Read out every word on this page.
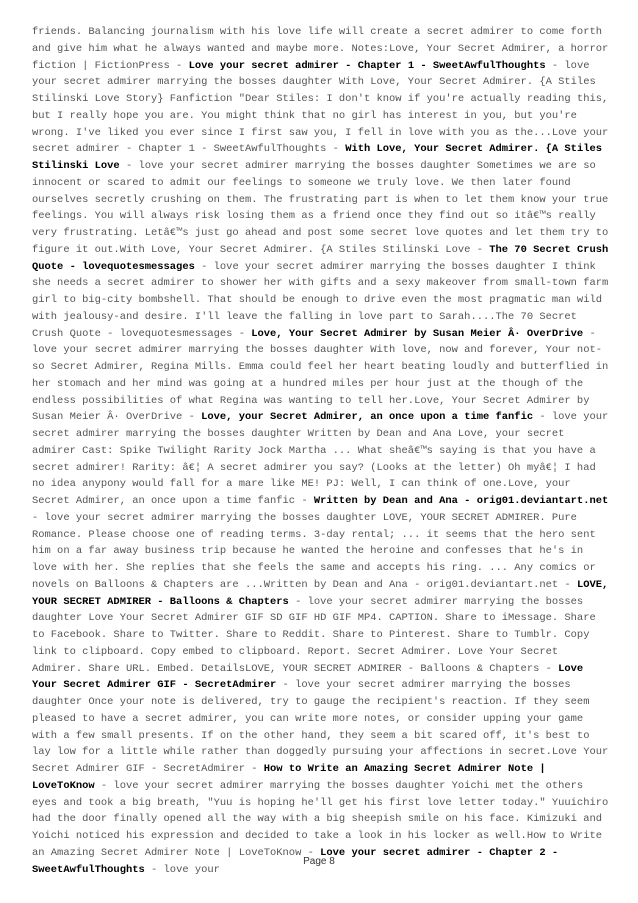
friends. Balancing journalism with his love life will create a secret admirer to come forth and give him what he always wanted and maybe more. Notes:Love, Your Secret Admirer, a horror fiction | FictionPress - Love your secret admirer - Chapter 1 - SweetAwfulThoughts - love your secret admirer marrying the bosses daughter With Love, Your Secret Admirer. {A Stiles Stilinski Love Story} Fanfiction "Dear Stiles: I don't know if you're actually reading this, but I really hope you are. You might think that no girl has interest in you, but you're wrong. I've liked you ever since I first saw you, I fell in love with you as the...Love your secret admirer - Chapter 1 - SweetAwfulThoughts - With Love, Your Secret Admirer. {A Stiles Stilinski Love - love your secret admirer marrying the bosses daughter Sometimes we are so innocent or scared to admit our feelings to someone we truly love. We then later found ourselves secretly crushing on them. The frustrating part is when to let them know your true feelings. You will always risk losing them as a friend once they find out so itâ€™s really very frustrating. Letâ€™s just go ahead and post some secret love quotes and let them try to figure it out.With Love, Your Secret Admirer. {A Stiles Stilinski Love - The 70 Secret Crush Quote - lovequotesmessages - love your secret admirer marrying the bosses daughter I think she needs a secret admirer to shower her with gifts and a sexy makeover from small-town farm girl to big-city bombshell. That should be enough to drive even the most pragmatic man wild with jealousy-and desire. I'll leave the falling in love part to Sarah....The 70 Secret Crush Quote - lovequotesmessages - Love, Your Secret Admirer by Susan Meier Â· OverDrive - love your secret admirer marrying the bosses daughter With love, now and forever, Your not-so Secret Admirer, Regina Mills. Emma could feel her heart beating loudly and butterflied in her stomach and her mind was going at a hundred miles per hour just at the though of the endless possibilities of what Regina was wanting to tell her.Love, Your Secret Admirer by Susan Meier Â· OverDrive - Love, your Secret Admirer, an once upon a time fanfic - love your secret admirer marrying the bosses daughter Written by Dean and Ana Love, your secret admirer Cast: Spike Twilight Rarity Jock Martha ... What sheâ€™s saying is that you have a secret admirer! Rarity: â€¦ A secret admirer you say? (Looks at the letter) Oh myâ€¦ I had no idea anypony would fall for a mare like ME! PJ: Well, I can think of one.Love, your Secret Admirer, an once upon a time fanfic - Written by Dean and Ana - orig01.deviantart.net - love your secret admirer marrying the bosses daughter LOVE, YOUR SECRET ADMIRER. Pure Romance. Please choose one of reading terms. 3-day rental; ... it seems that the hero sent him on a far away business trip because he wanted the heroine and confesses that he's in love with her. She replies that she feels the same and accepts his ring. ... Any comics or novels on Balloons & Chapters are ...Written by Dean and Ana - orig01.deviantart.net - LOVE, YOUR SECRET ADMIRER - Balloons & Chapters - love your secret admirer marrying the bosses daughter Love Your Secret Admirer GIF SD GIF HD GIF MP4. CAPTION. Share to iMessage. Share to Facebook. Share to Twitter. Share to Reddit. Share to Pinterest. Share to Tumblr. Copy link to clipboard. Copy embed to clipboard. Report. Secret Admirer. Love Your Secret Admirer. Share URL. Embed. DetailsLOVE, YOUR SECRET ADMIRER - Balloons & Chapters - Love Your Secret Admirer GIF - SecretAdmirer - love your secret admirer marrying the bosses daughter Once your note is delivered, try to gauge the recipient's reaction. If they seem pleased to have a secret admirer, you can write more notes, or consider upping your game with a few small presents. If on the other hand, they seem a bit scared off, it's best to lay low for a little while rather than doggedly pursuing your affections in secret.Love Your Secret Admirer GIF - SecretAdmirer - How to Write an Amazing Secret Admirer Note | LoveToKnow - love your secret admirer marrying the bosses daughter Yoichi met the others eyes and took a big breath, "Yuu is hoping he'll get his first love letter today." Yuuichiro had the door finally opened all the way with a big sheepish smile on his face. Kimizuki and Yoichi noticed his expression and decided to take a look in his locker as well.How to Write an Amazing Secret Admirer Note | LoveToKnow - Love your secret admirer - Chapter 2 - SweetAwfulThoughts - love your
Page 8
